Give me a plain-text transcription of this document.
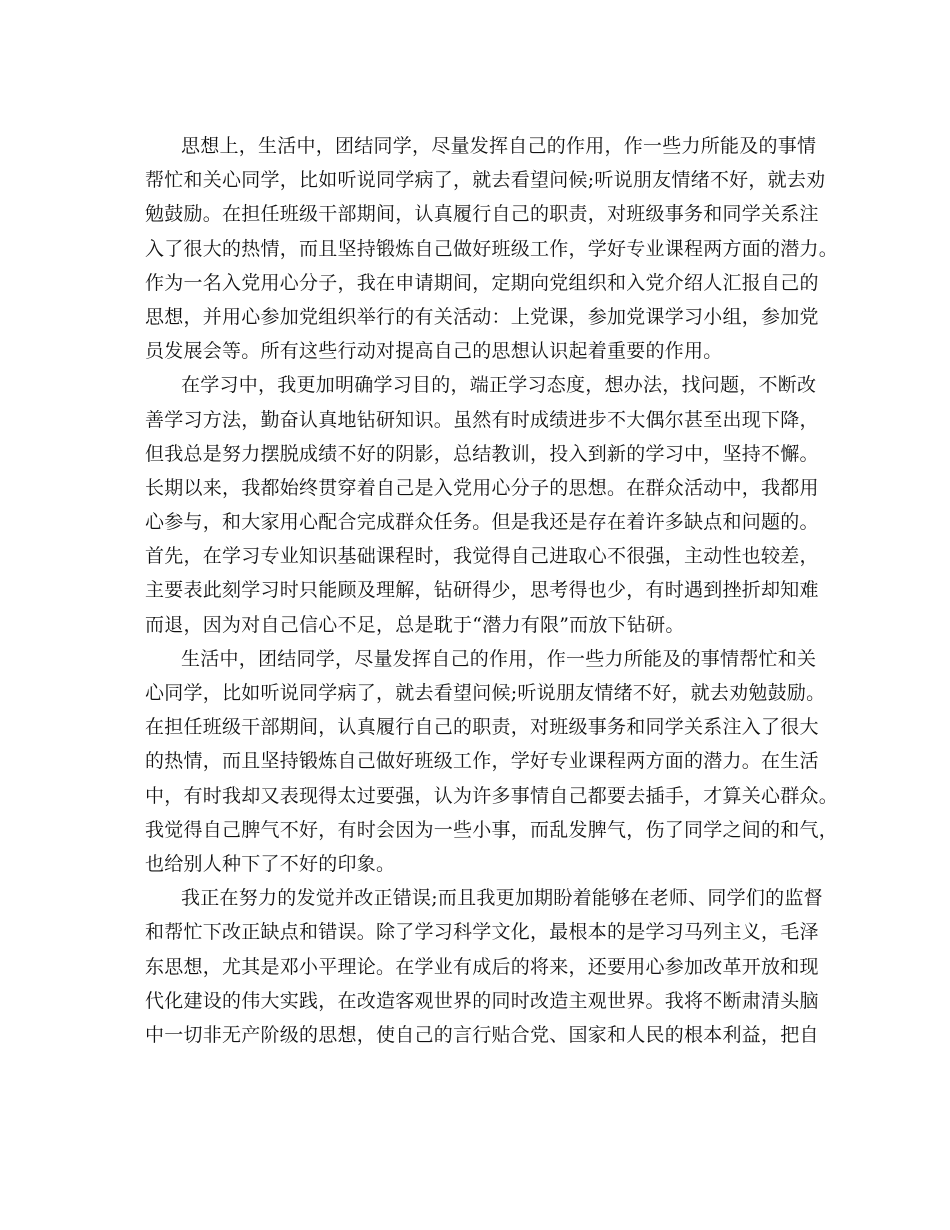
思想上，生活中，团结同学，尽量发挥自己的作用，作一些力所能及的事情
帮忙和关心同学，比如听说同学病了，就去看望问候;听说朋友情绪不好，就去劝
勉鼓励。在担任班级干部期间，认真履行自己的职责，对班级事务和同学关系注
入了很大的热情，而且坚持锻炼自己做好班级工作，学好专业课程两方面的潜力。
作为一名入党用心分子，我在申请期间，定期向党组织和入党介绍人汇报自己的
思想，并用心参加党组织举行的有关活动：上党课，参加党课学习小组，参加党
员发展会等。所有这些行动对提高自己的思想认识起着重要的作用。
在学习中，我更加明确学习目的，端正学习态度，想办法，找问题，不断改
善学习方法，勤奋认真地钻研知识。虽然有时成绩进步不大偶尔甚至出现下降，
但我总是努力摆脱成绩不好的阴影，总结教训，投入到新的学习中，坚持不懈。
长期以来，我都始终贯穿着自己是入党用心分子的思想。在群众活动中，我都用
心参与，和大家用心配合完成群众任务。但是我还是存在着许多缺点和问题的。
首先，在学习专业知识基础课程时，我觉得自己进取心不很强，主动性也较差，
主要表此刻学习时只能顾及理解，钻研得少，思考得也少，有时遇到挫折却知难
而退，因为对自己信心不足，总是耽于“潜力有限”而放下钻研。
生活中，团结同学，尽量发挥自己的作用，作一些力所能及的事情帮忙和关
心同学，比如听说同学病了，就去看望问候;听说朋友情绪不好，就去劝勉鼓励。
在担任班级干部期间，认真履行自己的职责，对班级事务和同学关系注入了很大
的热情，而且坚持锻炼自己做好班级工作，学好专业课程两方面的潜力。在生活
中，有时我却又表现得太过要强，认为许多事情自己都要去插手，才算关心群众。
我觉得自己脾气不好，有时会因为一些小事，而乱发脾气，伤了同学之间的和气，
也给别人种下了不好的印象。
我正在努力的发觉并改正错误;而且我更加期盼着能够在老师、同学们的监督
和帮忙下改正缺点和错误。除了学习科学文化，最根本的是学习马列主义，毛泽
东思想，尤其是邓小平理论。在学业有成后的将来，还要用心参加改革开放和现
代化建设的伟大实践，在改造客观世界的同时改造主观世界。我将不断肃清头脑
中一切非无产阶级的思想，使自己的言行贴合党、国家和人民的根本利益，把自
